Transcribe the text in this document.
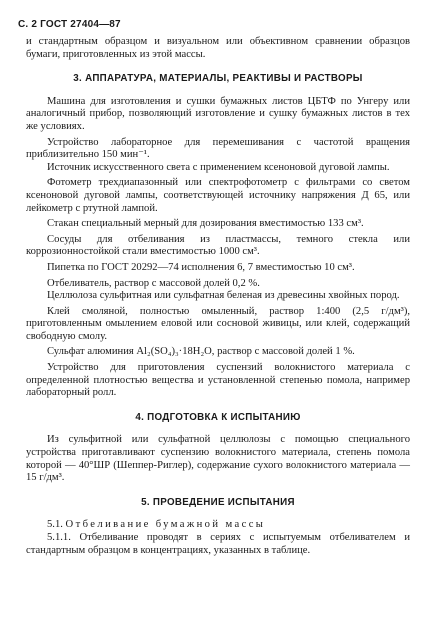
С. 2 ГОСТ 27404—87

и стандартным образцом и визуальном или объективном сравнении образцов бумаги, приготовленных из этой массы.

3. АППАРАТУРА, МАТЕРИАЛЫ, РЕАКТИВЫ И РАСТВОРЫ

Машина для изготовления и сушки бумажных листов ЦБТФ по Унгеру или аналогичный прибор, позволяющий изготовление и сушку бумажных листов в тех же условиях.

Устройство лабораторное для перемешивания с частотой вращения приблизительно 150 мин⁻¹.

Источник искусственного света с применением ксеноновой дуговой лампы.

Фотометр трехдиапазонный или спектрофотометр с фильтрами со светом ксеноновой дуговой лампы, соответствующей источнику напряжения Д 65, или лейкометр с ртутной лампой.

Стакан специальный мерный для дозирования вместимостью 133 см³.

Сосуды для отбеливания из пластмассы, темного стекла или коррозионностойкой стали вместимостью 1000 см³.

Пипетка по ГОСТ 20292—74 исполнения 6, 7 вместимостью 10 см³.

Отбеливатель, раствор с массовой долей 0,2 %.

Целлюлоза сульфитная или сульфатная беленая из древесины хвойных пород.

Клей смоляной, полностью омыленный, раствор 1:400 (2,5 г/дм³), приготовленным омылением еловой или сосновой живицы, или клей, содержащий свободную смолу.

Сульфат алюминия Al₂(SO₄)₃·18H₂O, раствор с массовой долей 1 %.

Устройство для приготовления суспензий волокнистого материала с определенной плотностью вещества и установленной степенью помола, например лабораторный ролл.

4. ПОДГОТОВКА К ИСПЫТАНИЮ

Из сульфитной или сульфатной целлюлозы с помощью специального устройства приготавливают суспензию волокнистого материала, степень помола которой — 40°ШР (Шеппер-Риглер), содержание сухого волокнистого материала — 15 г/дм³.

5. ПРОВЕДЕНИЕ ИСПЫТАНИЯ

5.1. Отбеливание бумажной массы

5.1.1. Отбеливание проводят в сериях с испытуемым отбеливателем и стандартным образцом в концентрациях, указанных в таблице.
